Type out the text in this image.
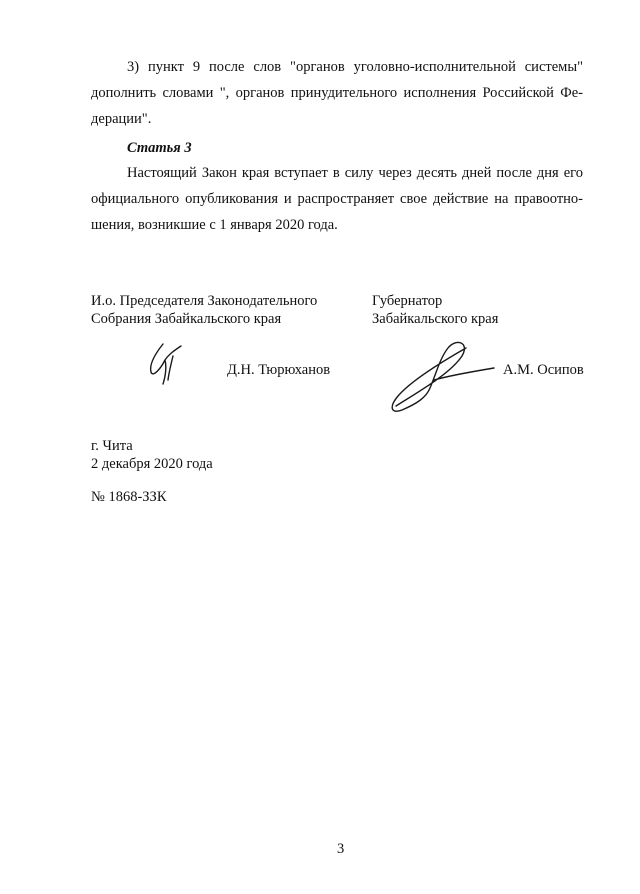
3) пункт 9 после слов "органов уголовно-исполнительной системы"
дополнить словами ", органов принудительного исполнения Российской Фе-
дерации".
Статья 3
Настоящий Закон края вступает в силу через десять дней после дня его
официального опубликования и распространяет свое действие на правоотно-
шения, возникшие с 1 января 2020 года.
И.о. Председателя Законодательного
Собрания Забайкальского края
Д.Н. Тюрюханов
Губернатор
Забайкальского края
А.М. Осипов
г. Чита
2 декабря 2020 года
№ 1868-ЗЗК
3
